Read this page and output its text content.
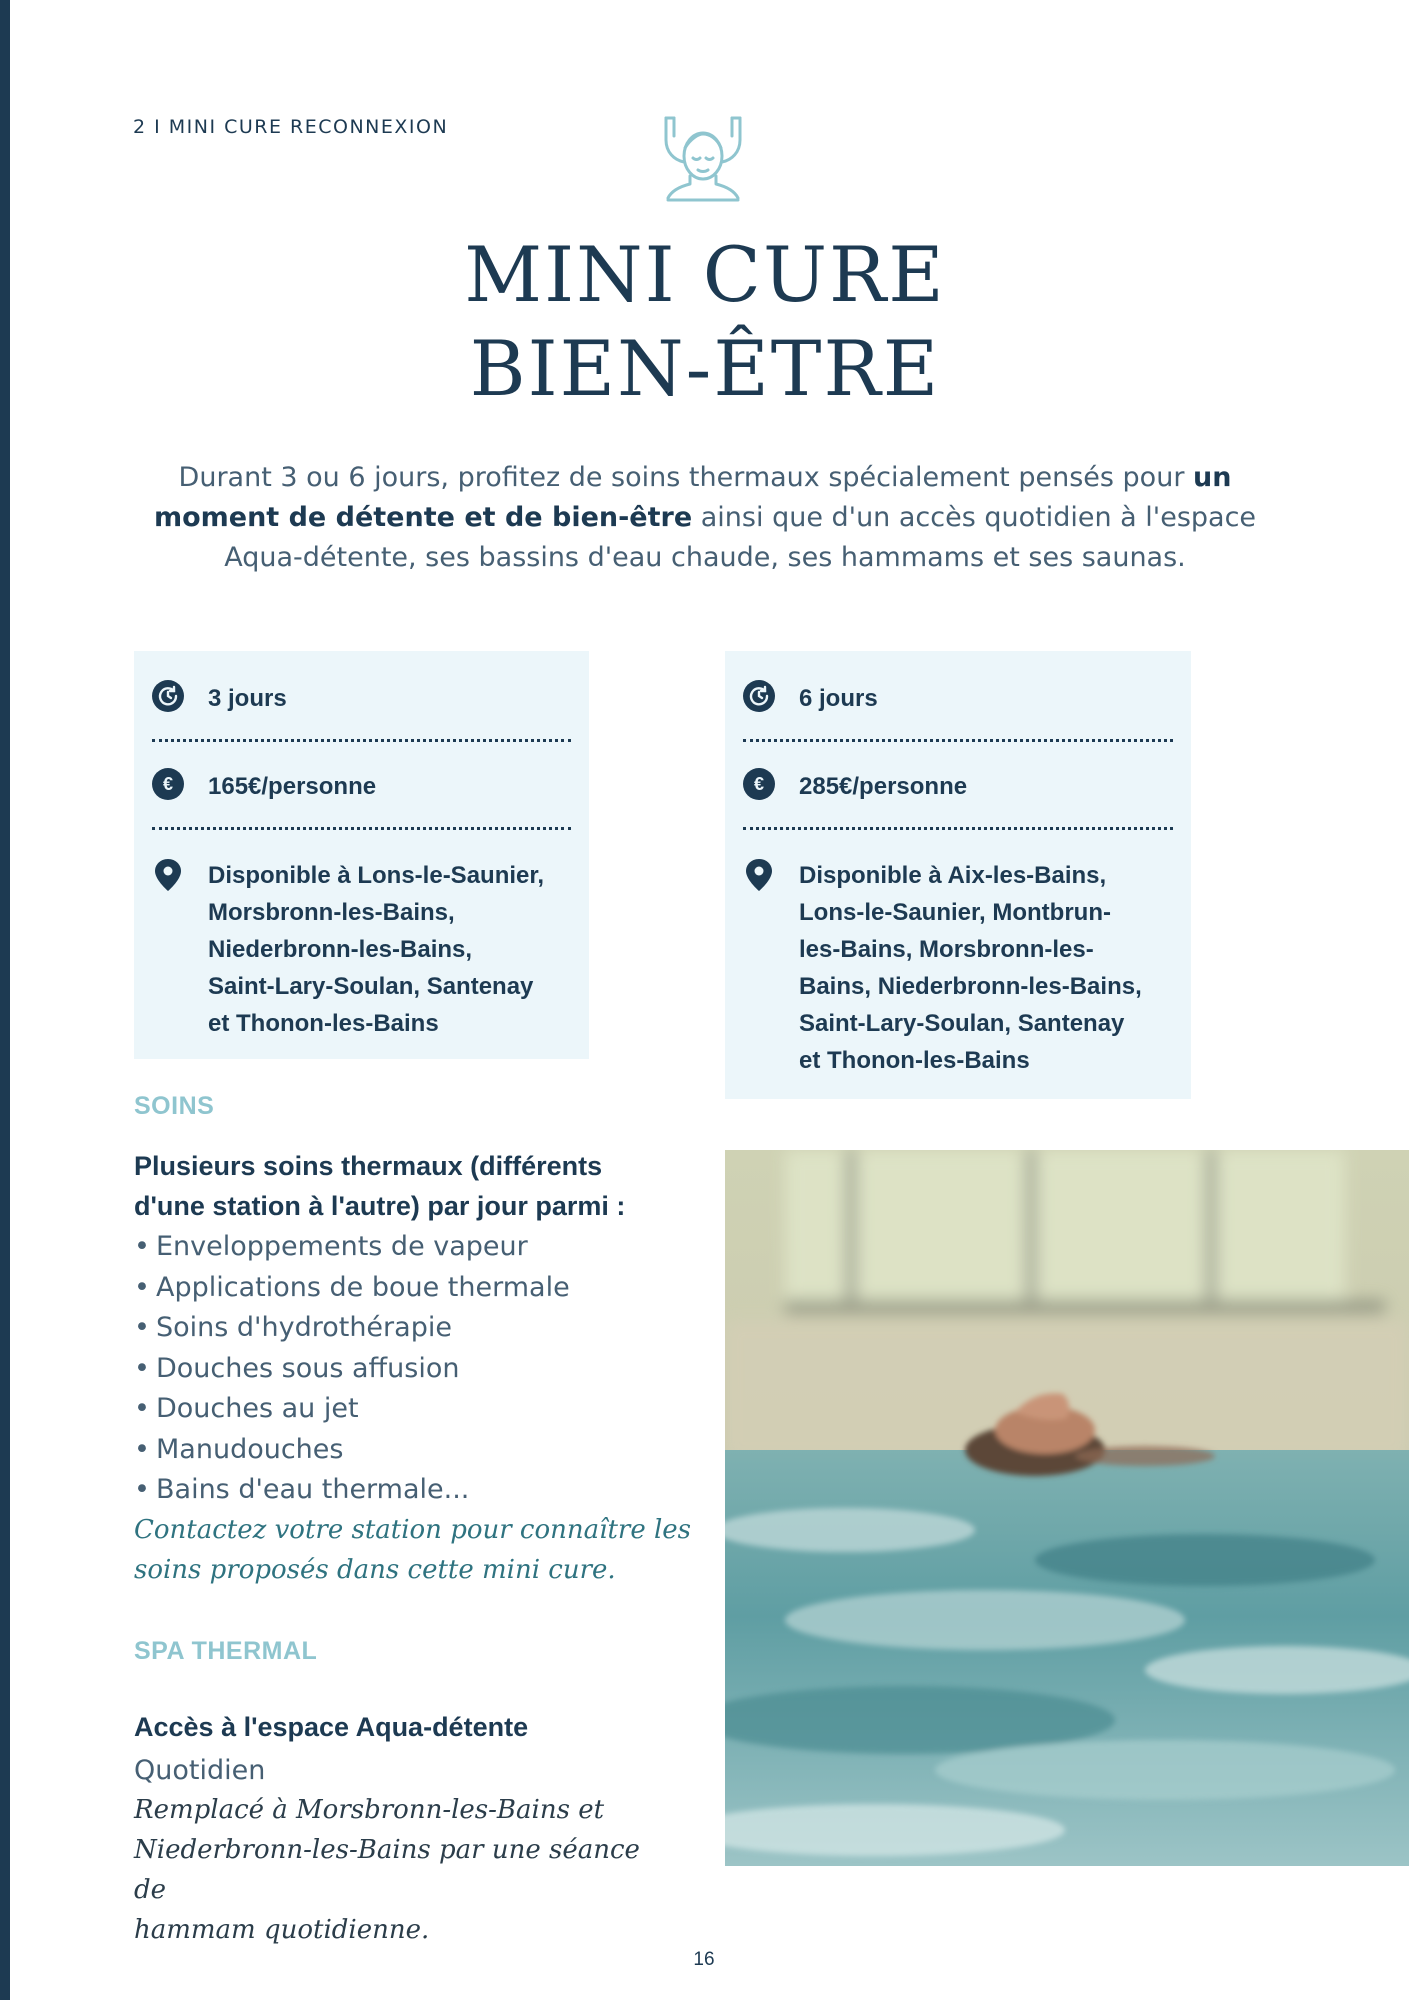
2 I MINI CURE RECONNEXION
MINI CURE
BIEN-ÊTRE

Durant 3 ou 6 jours, profitez de soins thermaux spécialement pensés pour un moment de détente et de bien-être ainsi que d'un accès quotidien à l'espace Aqua-détente, ses bassins d'eau chaude, ses hammams et ses saunas.

3 jours
€	165€/personne
Disponible à Lons-le-Saunier,
Morsbronn-les-Bains,
Niederbronn-les-Bains,
Saint-Lary-Soulan, Santenay
et Thonon-les-Bains
6 jours
€	285€/personne
Disponible à Aix-les-Bains,
Lons-le-Saunier, Montbrun-
les-Bains, Morsbronn-les-
Bains, Niederbronn-les-Bains,
Saint-Lary-Soulan, Santenay
et Thonon-les-Bains
SOINS
Plusieurs soins thermaux (différents
d'une station à l'autre) par jour parmi :
• Enveloppements de vapeur
• Applications de boue thermale
• Soins d'hydrothérapie
• Douches sous affusion
• Douches au jet
• Manudouches
• Bains d'eau thermale...
Contactez votre station pour connaître les
soins proposés dans cette mini cure.
SPA THERMAL
Accès à l'espace Aqua-détente
Quotidien
Remplacé à Morsbronn-les-Bains et
Niederbronn-les-Bains par une séance de
hammam quotidienne.
16
